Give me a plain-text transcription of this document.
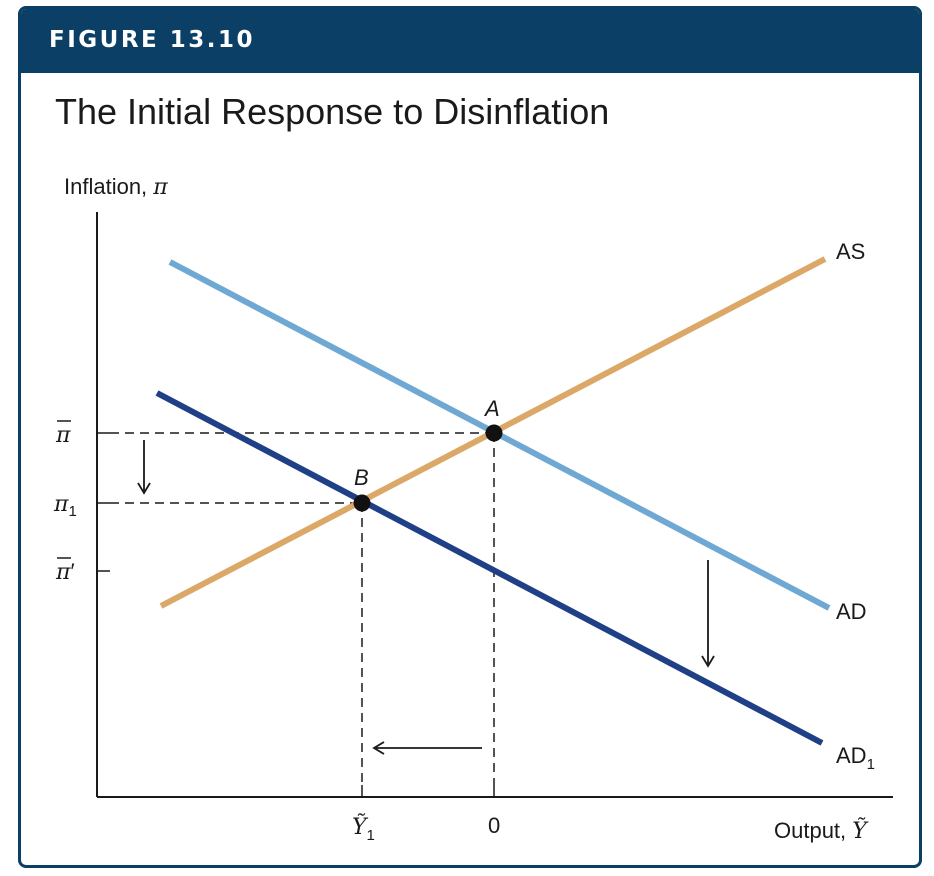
FIGURE 13.10
The Initial Response to Disinflation
Inflation, π
Output, Ỹ
π
$\pi_1$
π′
Ỹ$_1$	0
AS
AD
$AD_1$
A
B
